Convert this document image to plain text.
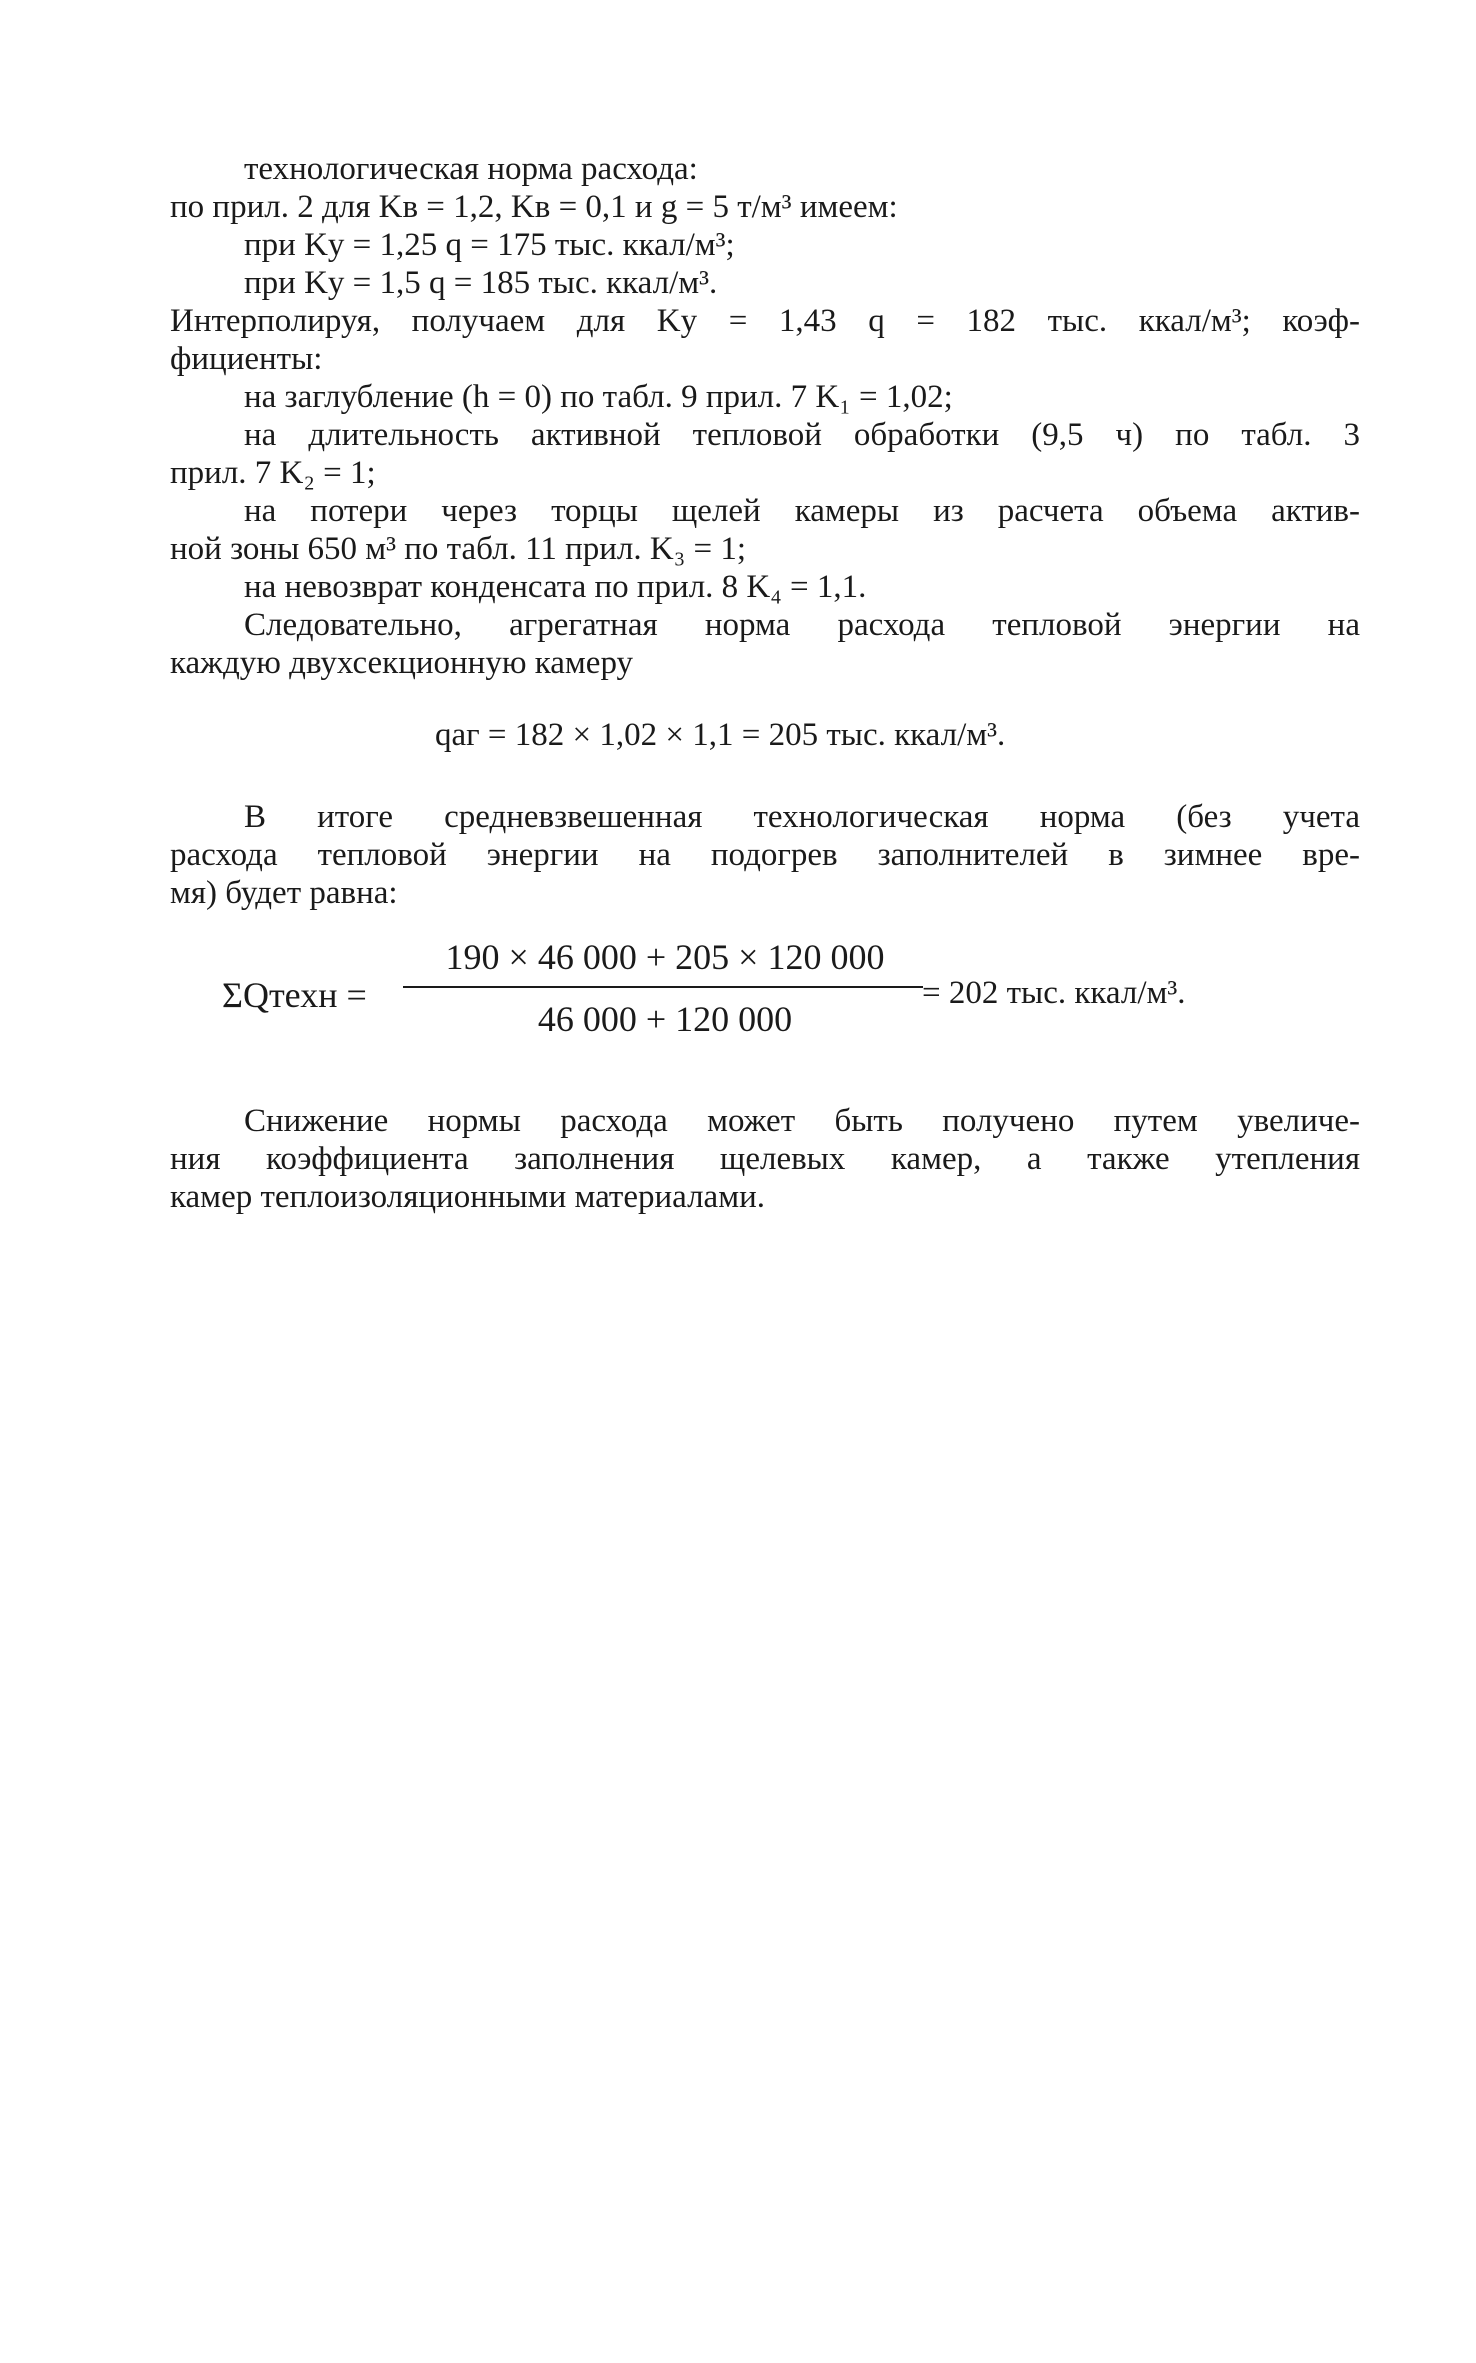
технологическая норма расхода:
по прил. 2 для Kв = 1,2, Kв = 0,1 и g = 5 т/м³ имеем:
при Kу = 1,25 q = 175 тыс. ккал/м³;
при Kу = 1,5 q = 185 тыс. ккал/м³.
Интерполируя, получаем для Kу = 1,43 q = 182 тыс. ккал/м³; коэф-
фициенты:
на заглубление (h = 0) по табл. 9 прил. 7 K₁ = 1,02;
на длительность активной тепловой обработки (9,5 ч) по табл. 3
прил. 7 K₂ = 1;
на потери через торцы щелей камеры из расчета объема актив-
ной зоны 650 м³ по табл. 11 прил. K₃ = 1;
на невозврат конденсата по прил. 8 K₄ = 1,1.
Следовательно, агрегатная норма расхода тепловой энергии на
каждую двухсекционную камеру
qаг = 182 × 1,02 × 1,1 = 205 тыс. ккал/м³.
В итоге средневзвешенная технологическая норма (без учета
расхода тепловой энергии на подогрев заполнителей в зимнее вре-
мя) будет равна:
ΣQтехн =
190 × 46 000 + 205 × 120 000
46 000 + 120 000
= 202 тыс. ккал/м³.
Снижение нормы расхода может быть получено путем увеличе-
ния коэффициента заполнения щелевых камер, а также утепления
камер теплоизоляционными материалами.
